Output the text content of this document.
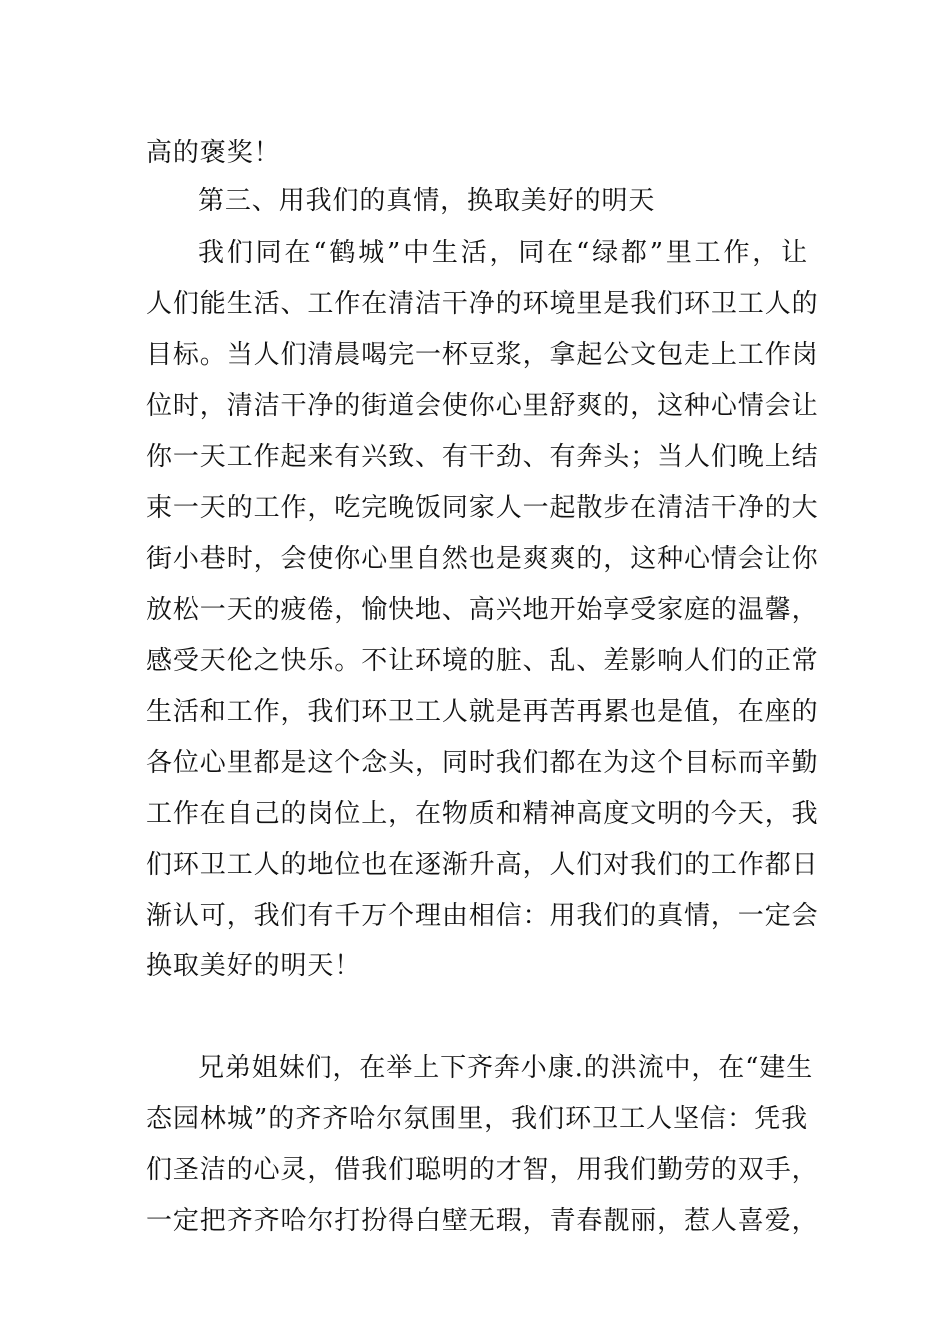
高的褒奖！
第三、用我们的真情，换取美好的明天
我们同在“鹤城”中生活，同在“绿都”里工作，让
人们能生活、工作在清洁干净的环境里是我们环卫工人的
目标。当人们清晨喝完一杯豆浆，拿起公文包走上工作岗
位时，清洁干净的街道会使你心里舒爽的，这种心情会让
你一天工作起来有兴致、有干劲、有奔头；当人们晚上结
束一天的工作，吃完晚饭同家人一起散步在清洁干净的大
街小巷时，会使你心里自然也是爽爽的，这种心情会让你
放松一天的疲倦，愉快地、高兴地开始享受家庭的温馨，
感受天伦之快乐。不让环境的脏、乱、差影响人们的正常
生活和工作，我们环卫工人就是再苦再累也是值，在座的
各位心里都是这个念头，同时我们都在为这个目标而辛勤
工作在自己的岗位上，在物质和精神高度文明的今天，我
们环卫工人的地位也在逐渐升高，人们对我们的工作都日
渐认可，我们有千万个理由相信：用我们的真情，一定会
换取美好的明天！
兄弟姐妹们，在举上下齐奔小康.的洪流中，在“建生
态园林城”的齐齐哈尔氛围里，我们环卫工人坚信：凭我
们圣洁的心灵，借我们聪明的才智，用我们勤劳的双手，
一定把齐齐哈尔打扮得白壁无瑕，青春靓丽，惹人喜爱，
